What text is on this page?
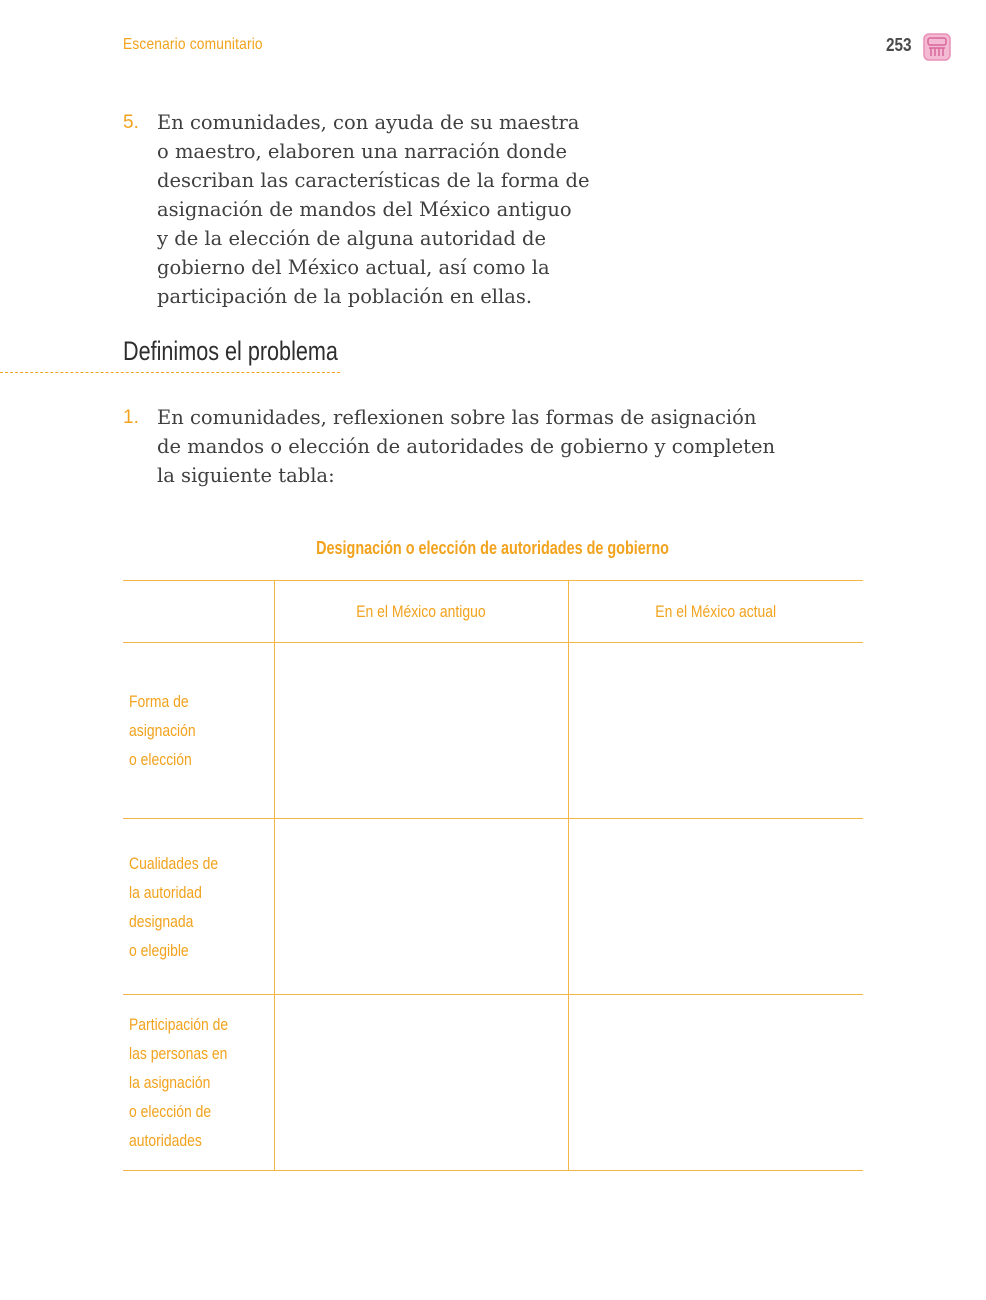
Escenario comunitario	253
5. En comunidades, con ayuda de su maestra
o maestro, elaboren una narración donde
describan las características de la forma de
asignación de mandos del México antiguo
y de la elección de alguna autoridad de
gobierno del México actual, así como la
participación de la población en ellas.
Definimos el problema
1. En comunidades, reflexionen sobre las formas de asignación
de mandos o elección de autoridades de gobierno y completen
la siguiente tabla:
Designación o elección de autoridades de gobierno
	En el México antiguo	En el México actual

Forma de
asignación
o elección		

Cualidades de
la autoridad
designada
o elegible		

Participación de
las personas en
la asignación
o elección de
autoridades		
